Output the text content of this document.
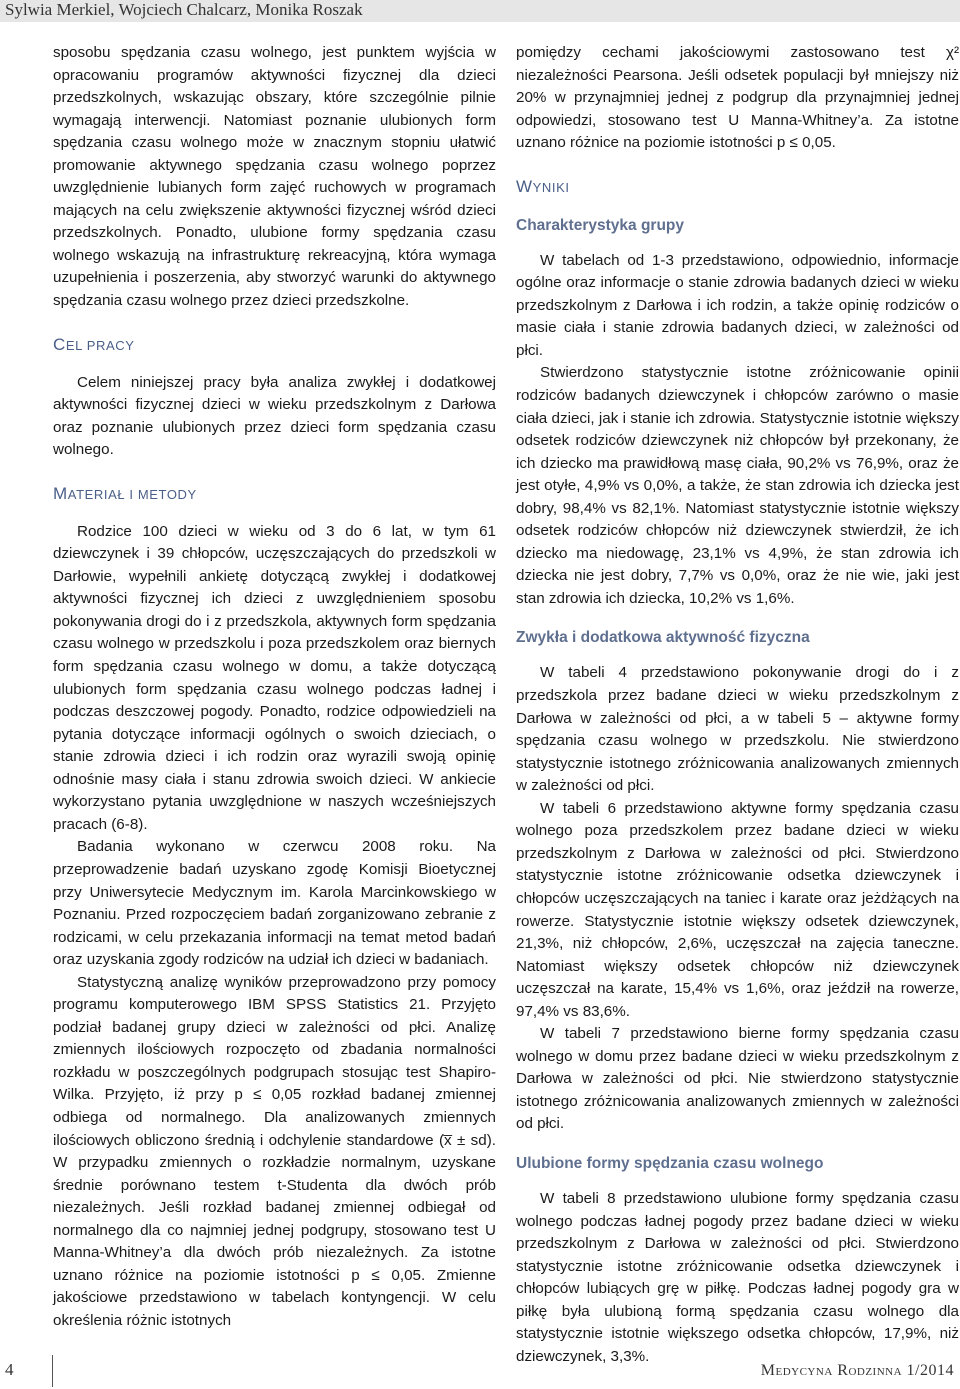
Sylwia Merkiel, Wojciech Chalcarz, Monika Roszak

sposobu spędzania czasu wolnego, jest punktem wyjścia w opracowaniu programów aktywności fizycznej dla dzieci przedszkolnych, wskazując obszary, które szczególnie pilnie wymagają interwencji. Natomiast poznanie ulubionych form spędzania czasu wolnego może w znacznym stopniu ułatwić promowanie aktywnego spędzania czasu wolnego poprzez uwzględnienie lubianych form zajęć ruchowych w programach mających na celu zwiększenie aktywności fizycznej wśród dzieci przedszkolnych. Ponadto, ulubione formy spędzania czasu wolnego wskazują na infrastrukturę rekreacyjną, która wymaga uzupełnienia i poszerzenia, aby stworzyć warunki do aktywnego spędzania czasu wolnego przez dzieci przedszkolne.

CEL PRACY

Celem niniejszej pracy była analiza zwykłej i dodatkowej aktywności fizycznej dzieci w wieku przedszkolnym z Darłowa oraz poznanie ulubionych przez dzieci form spędzania czasu wolnego.

MATERIAŁ I METODY

Rodzice 100 dzieci w wieku od 3 do 6 lat, w tym 61 dziewczynek i 39 chłopców, uczęszczających do przedszkoli w Darłowie, wypełnili ankietę dotyczącą zwykłej i dodatkowej aktywności fizycznej ich dzieci z uwzględnieniem sposobu pokonywania drogi do i z przedszkola, aktywnych form spędzania czasu wolnego w przedszkolu i poza przedszkolem oraz biernych form spędzania czasu wolnego w domu, a także dotyczącą ulubionych form spędzania czasu wolnego podczas ładnej i podczas deszczowej pogody. Ponadto, rodzice odpowiedzieli na pytania dotyczące informacji ogólnych o swoich dzieciach, o stanie zdrowia dzieci i ich rodzin oraz wyrazili swoją opinię odnośnie masy ciała i stanu zdrowia swoich dzieci. W ankiecie wykorzystano pytania uwzględnione w naszych wcześniejszych pracach (6-8).

Badania wykonano w czerwcu 2008 roku. Na przeprowadzenie badań uzyskano zgodę Komisji Bioetycznej przy Uniwersytecie Medycznym im. Karola Marcinkowskiego w Poznaniu. Przed rozpoczęciem badań zorganizowano zebranie z rodzicami, w celu przekazania informacji na temat metod badań oraz uzyskania zgody rodziców na udział ich dzieci w badaniach.

Statystyczną analizę wyników przeprowadzono przy pomocy programu komputerowego IBM SPSS Statistics 21. Przyjęto podział badanej grupy dzieci w zależności od płci. Analizę zmiennych ilościowych rozpoczęto od zbadania normalności rozkładu w poszczególnych podgrupach stosując test Shapiro-Wilka. Przyjęto, iż przy p ≤ 0,05 rozkład badanej zmiennej odbiega od normalnego. Dla analizowanych zmiennych ilościowych obliczono średnią i odchylenie standardowe (x̅ ± sd). W przypadku zmiennych o rozkładzie normalnym, uzyskane średnie porównano testem t-Studenta dla dwóch prób niezależnych. Jeśli rozkład badanej zmiennej odbiegał od normalnego dla co najmniej jednej podgrupy, stosowano test U Manna-Whitney’a dla dwóch prób niezależnych. Za istotne uznano różnice na poziomie istotności p ≤ 0,05. Zmienne jakościowe przedstawiono w tabelach kontyngencji. W celu określenia różnic istotnych

pomiędzy cechami jakościowymi zastosowano test χ² niezależności Pearsona. Jeśli odsetek populacji był mniejszy niż 20% w przynajmniej jednej z podgrup dla przynajmniej jednej odpowiedzi, stosowano test U Manna-Whitney’a. Za istotne uznano różnice na poziomie istotności p ≤ 0,05.

WYNIKI
Charakterystyka grupy

W tabelach od 1-3 przedstawiono, odpowiednio, informacje ogólne oraz informacje o stanie zdrowia badanych dzieci w wieku przedszkolnym z Darłowa i ich rodzin, a także opinię rodziców o masie ciała i stanie zdrowia badanych dzieci, w zależności od płci.

Stwierdzono statystycznie istotne zróżnicowanie opinii rodziców badanych dziewczynek i chłopców zarówno o masie ciała dzieci, jak i stanie ich zdrowia. Statystycznie istotnie większy odsetek rodziców dziewczynek niż chłopców był przekonany, że ich dziecko ma prawidłową masę ciała, 90,2% vs 76,9%, oraz że jest otyłe, 4,9% vs 0,0%, a także, że stan zdrowia ich dziecka jest dobry, 98,4% vs 82,1%. Natomiast statystycznie istotnie większy odsetek rodziców chłopców niż dziewczynek stwierdził, że ich dziecko ma niedowagę, 23,1% vs 4,9%, że stan zdrowia ich dziecka nie jest dobry, 7,7% vs 0,0%, oraz że nie wie, jaki jest stan zdrowia ich dziecka, 10,2% vs 1,6%.

Zwykła i dodatkowa aktywność fizyczna

W tabeli 4 przedstawiono pokonywanie drogi do i z przedszkola przez badane dzieci w wieku przedszkolnym z Darłowa w zależności od płci, a w tabeli 5 – aktywne formy spędzania czasu wolnego w przedszkolu. Nie stwierdzono statystycznie istotnego zróżnicowania analizowanych zmiennych w zależności od płci.

W tabeli 6 przedstawiono aktywne formy spędzania czasu wolnego poza przedszkolem przez badane dzieci w wieku przedszkolnym z Darłowa w zależności od płci. Stwierdzono statystycznie istotne zróżnicowanie odsetka dziewczynek i chłopców uczęszczających na taniec i karate oraz jeżdżących na rowerze. Statystycznie istotnie większy odsetek dziewczynek, 21,3%, niż chłopców, 2,6%, uczęszczał na zajęcia taneczne. Natomiast większy odsetek chłopców niż dziewczynek uczęszczał na karate, 15,4% vs 1,6%, oraz jeździł na rowerze, 97,4% vs 83,6%.

W tabeli 7 przedstawiono bierne formy spędzania czasu wolnego w domu przez badane dzieci w wieku przedszkolnym z Darłowa w zależności od płci. Nie stwierdzono statystycznie istotnego zróżnicowania analizowanych zmiennych w zależności od płci.

Ulubione formy spędzania czasu wolnego

W tabeli 8 przedstawiono ulubione formy spędzania czasu wolnego podczas ładnej pogody przez badane dzieci w wieku przedszkolnym z Darłowa w zależności od płci. Stwierdzono statystycznie istotne zróżnicowanie odsetka dziewczynek i chłopców lubiących grę w piłkę. Podczas ładnej pogody gra w piłkę była ulubioną formą spędzania czasu wolnego dla statystycznie istotnie większego odsetka chłopców, 17,9%, niż dziewczynek, 3,3%.

4	Medycyna Rodzinna 1/2014
